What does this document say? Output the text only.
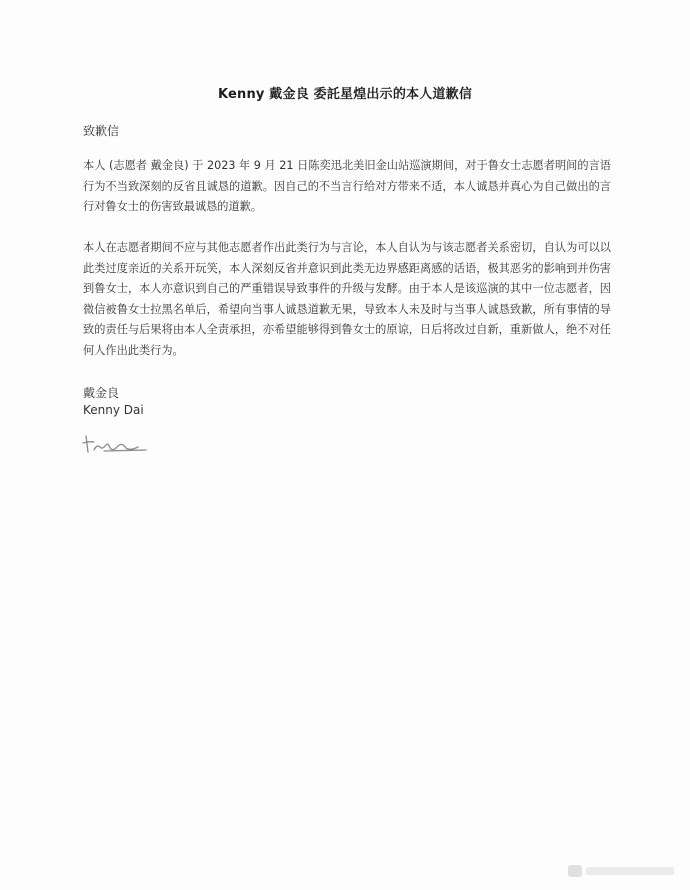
Kenny 戴金良 委託星煌出示的本人道歉信
致歉信
本人 (志愿者 戴金良) 于 2023 年 9 月 21 日陈奕迅北美旧金山站巡演期间，对于鲁女士志愿者明间的言语行为不当致深刻的反省且诚恳的道歉。因自己的不当言行给对方带来不适，本人诚恳并真心为自己做出的言行对鲁女士的伤害致最诚恳的道歉。
本人在志愿者期间不应与其他志愿者作出此类行为与言论，本人自认为与该志愿者关系密切，自认为可以以此类过度亲近的关系开玩笑，本人深刻反省并意识到此类无边界感距离感的话语，极其恶劣的影响到并伤害到鲁女士，本人亦意识到自己的严重错误导致事件的升级与发酵。由于本人是该巡演的其中一位志愿者，因微信被鲁女士拉黑名单后，希望向当事人诚恳道歉无果，导致本人未及时与当事人诚恳致歉，所有事情的导致的责任与后果将由本人全责承担，亦希望能够得到鲁女士的原谅，日后将改过自新，重新做人，绝不对任何人作出此类行为。
戴金良
Kenny Dai
